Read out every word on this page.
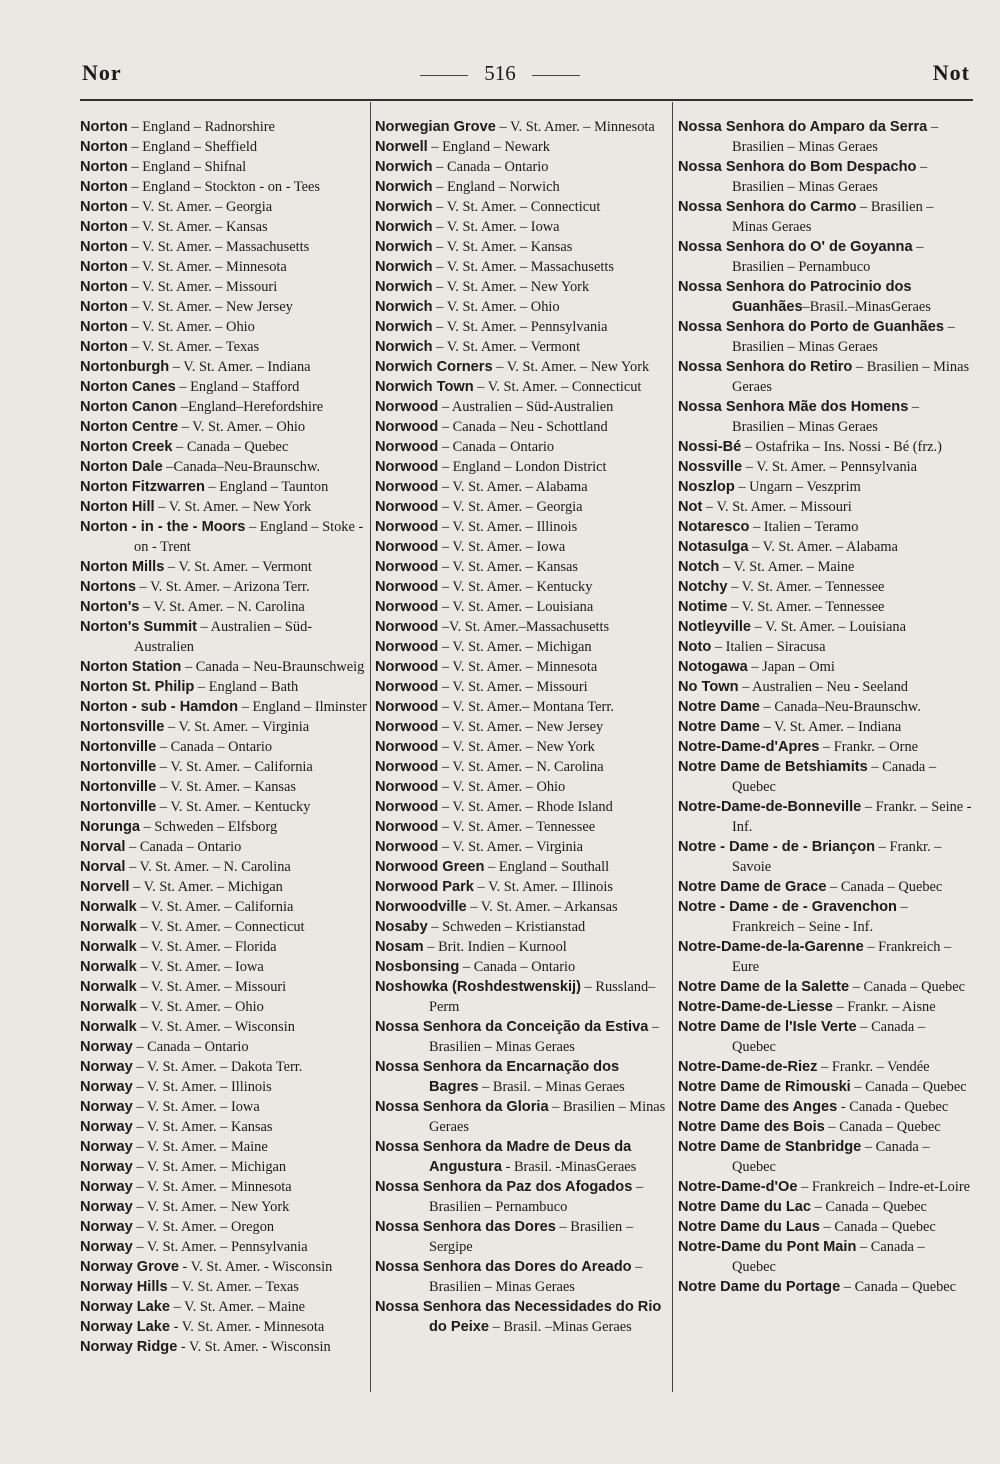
Nor	516	Not

Norton – England – Radnorshire

Norton – England – Sheffield

Norton – England – Shifnal

Norton – England – Stockton - on - Tees

Norton – V. St. Amer. – Georgia

Norton – V. St. Amer. – Kansas

Norton – V. St. Amer. – Massachusetts

Norton – V. St. Amer. – Minnesota

Norton – V. St. Amer. – Missouri

Norton – V. St. Amer. – New Jersey

Norton – V. St. Amer. – Ohio

Norton – V. St. Amer. – Texas

Nortonburgh – V. St. Amer. – Indiana

Norton Canes – England – Stafford

Norton Canon –England–Herefordshire

Norton Centre – V. St. Amer. – Ohio

Norton Creek – Canada – Quebec

Norton Dale –Canada–Neu-Braunschw.

Norton Fitzwarren – England – Taunton

Norton Hill – V. St. Amer. – New York

Norton - in - the - Moors – England – Stoke - on - Trent

Norton Mills – V. St. Amer. – Vermont

Nortons – V. St. Amer. – Arizona Terr.

Norton's – V. St. Amer. – N. Carolina

Norton's Summit – Australien – Süd-Australien

Norton Station – Canada – Neu-Braunschweig

Norton St. Philip – England – Bath

Norton - sub - Hamdon – England – Ilminster

Nortonsville – V. St. Amer. – Virginia

Nortonville – Canada – Ontario

Nortonville – V. St. Amer. – California

Nortonville – V. St. Amer. – Kansas

Nortonville – V. St. Amer. – Kentucky

Norunga – Schweden – Elfsborg

Norval – Canada – Ontario

Norval – V. St. Amer. – N. Carolina

Norvell – V. St. Amer. – Michigan

Norwalk – V. St. Amer. – California

Norwalk – V. St. Amer. – Connecticut

Norwalk – V. St. Amer. – Florida

Norwalk – V. St. Amer. – Iowa

Norwalk – V. St. Amer. – Missouri

Norwalk – V. St. Amer. – Ohio

Norwalk – V. St. Amer. – Wisconsin

Norway – Canada – Ontario

Norway – V. St. Amer. – Dakota Terr.

Norway – V. St. Amer. – Illinois

Norway – V. St. Amer. – Iowa

Norway – V. St. Amer. – Kansas

Norway – V. St. Amer. – Maine

Norway – V. St. Amer. – Michigan

Norway – V. St. Amer. – Minnesota

Norway – V. St. Amer. – New York

Norway – V. St. Amer. – Oregon

Norway – V. St. Amer. – Pennsylvania

Norway Grove - V. St. Amer. - Wisconsin

Norway Hills – V. St. Amer. – Texas

Norway Lake – V. St. Amer. – Maine

Norway Lake - V. St. Amer. - Minnesota

Norway Ridge - V. St. Amer. - Wisconsin

Norwegian Grove – V. St. Amer. – Minnesota

Norwell – England – Newark

Norwich – Canada – Ontario

Norwich – England – Norwich

Norwich – V. St. Amer. – Connecticut

Norwich – V. St. Amer. – Iowa

Norwich – V. St. Amer. – Kansas

Norwich – V. St. Amer. – Massachusetts

Norwich – V. St. Amer. – New York

Norwich – V. St. Amer. – Ohio

Norwich – V. St. Amer. – Pennsylvania

Norwich – V. St. Amer. – Vermont

Norwich Corners – V. St. Amer. – New York

Norwich Town – V. St. Amer. – Connecticut

Norwood – Australien – Süd-Australien

Norwood – Canada – Neu - Schottland

Norwood – Canada – Ontario

Norwood – England – London District

Norwood – V. St. Amer. – Alabama

Norwood – V. St. Amer. – Georgia

Norwood – V. St. Amer. – Illinois

Norwood – V. St. Amer. – Iowa

Norwood – V. St. Amer. – Kansas

Norwood – V. St. Amer. – Kentucky

Norwood – V. St. Amer. – Louisiana

Norwood –V. St. Amer.–Massachusetts

Norwood – V. St. Amer. – Michigan

Norwood – V. St. Amer. – Minnesota

Norwood – V. St. Amer. – Missouri

Norwood – V. St. Amer.– Montana Terr.

Norwood – V. St. Amer. – New Jersey

Norwood – V. St. Amer. – New York

Norwood – V. St. Amer. – N. Carolina

Norwood – V. St. Amer. – Ohio

Norwood – V. St. Amer. – Rhode Island

Norwood – V. St. Amer. – Tennessee

Norwood – V. St. Amer. – Virginia

Norwood Green – England – Southall

Norwood Park – V. St. Amer. – Illinois

Norwoodville – V. St. Amer. – Arkansas

Nosaby – Schweden – Kristianstad

Nosam – Brit. Indien – Kurnool

Nosbonsing – Canada – Ontario

Noshowka (Roshdestwenskij) – Russland–Perm

Nossa Senhora da Conceição da Estiva – Brasilien – Minas Geraes

Nossa Senhora da Encarnação dos Bagres – Brasil. – Minas Geraes

Nossa Senhora da Gloria – Brasilien – Minas Geraes

Nossa Senhora da Madre de Deus da Angustura - Brasil. -MinasGeraes

Nossa Senhora da Paz dos Afogados – Brasilien – Pernambuco

Nossa Senhora das Dores – Brasilien – Sergipe

Nossa Senhora das Dores do Areado – Brasilien – Minas Geraes

Nossa Senhora das Necessidades do Rio do Peixe – Brasil. –Minas Geraes

Nossa Senhora do Amparo da Serra – Brasilien – Minas Geraes

Nossa Senhora do Bom Despacho – Brasilien – Minas Geraes

Nossa Senhora do Carmo – Brasilien – Minas Geraes

Nossa Senhora do O' de Goyanna – Brasilien – Pernambuco

Nossa Senhora do Patrocinio dos Guanhães–Brasil.–MinasGeraes

Nossa Senhora do Porto de Guanhães – Brasilien – Minas Geraes

Nossa Senhora do Retiro – Brasilien – Minas Geraes

Nossa Senhora Mãe dos Homens – Brasilien – Minas Geraes

Nossi-Bé – Ostafrika – Ins. Nossi - Bé (frz.)

Nossville – V. St. Amer. – Pennsylvania

Noszlop – Ungarn – Veszprim

Not – V. St. Amer. – Missouri

Notaresco – Italien – Teramo

Notasulga – V. St. Amer. – Alabama

Notch – V. St. Amer. – Maine

Notchy – V. St. Amer. – Tennessee

Notime – V. St. Amer. – Tennessee

Notleyville – V. St. Amer. – Louisiana

Noto – Italien – Siracusa

Notogawa – Japan – Omi

No Town – Australien – Neu - Seeland

Notre Dame – Canada–Neu-Braunschw.

Notre Dame – V. St. Amer. – Indiana

Notre-Dame-d'Apres – Frankr. – Orne

Notre Dame de Betshiamits – Canada – Quebec

Notre-Dame-de-Bonneville – Frankr. – Seine - Inf.

Notre - Dame - de - Briançon – Frankr. – Savoie

Notre Dame de Grace – Canada – Quebec

Notre - Dame - de - Gravenchon – Frankreich – Seine - Inf.

Notre-Dame-de-la-Garenne – Frankreich – Eure

Notre Dame de la Salette – Canada – Quebec

Notre-Dame-de-Liesse – Frankr. – Aisne

Notre Dame de l'Isle Verte – Canada – Quebec

Notre-Dame-de-Riez – Frankr. – Vendée

Notre Dame de Rimouski – Canada – Quebec

Notre Dame des Anges - Canada - Quebec

Notre Dame des Bois – Canada – Quebec

Notre Dame de Stanbridge – Canada – Quebec

Notre-Dame-d'Oe – Frankreich – Indre-et-Loire

Notre Dame du Lac – Canada – Quebec

Notre Dame du Laus – Canada – Quebec

Notre-Dame du Pont Main – Canada – Quebec

Notre Dame du Portage – Canada – Quebec
